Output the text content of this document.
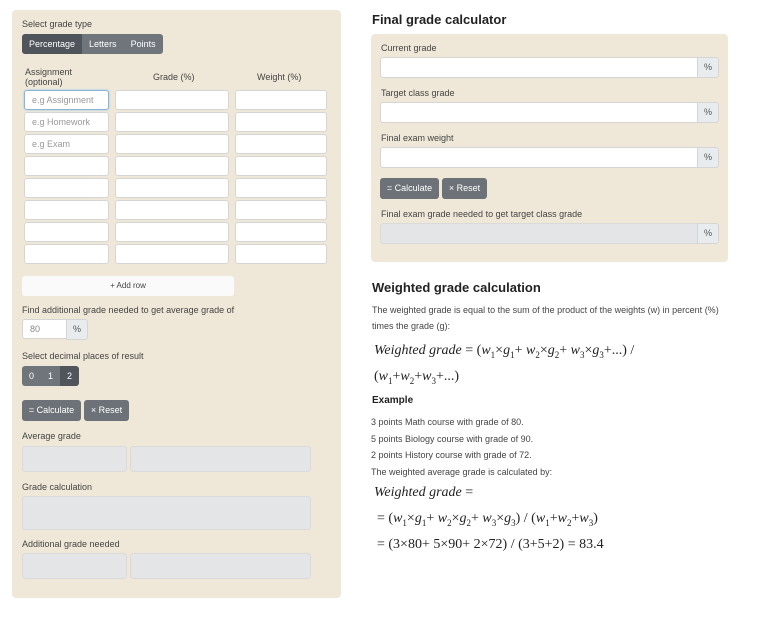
Select grade type
Percentage	Letters	Points
Assignment
(optional)	Grade (%)	Weight (%)
e.g Assignment
e.g Homework
e.g Exam
+ Add row
Find additional grade needed to get average grade of
80	%
Select decimal places of result
0	1	2
= Calculate	× Reset
Average grade
Grade calculation
Additional grade needed
Final grade calculator
Current grade
%
Target class grade
%
Final exam weight
%
= Calculate	× Reset
Final exam grade needed to get target class grade
%
Weighted grade calculation
The weighted grade is equal to the sum of the product of the weights (w) in percent (%)
times the grade (g):
Weighted grade = $(w_1\times g_1+ w_2\times g_2+ w_3\times g_3+...)$ /
$(w_1+w_2+w_3+...)$
Example
3 points Math course with grade of 80.
5 points Biology course with grade of 90.
2 points History course with grade of 72.
The weighted average grade is calculated by:
Weighted grade =
= $(w_1\times g_1+ w_2\times g_2+ w_3\times g_3) / (w_1+w_2+w_3)$
= (3×80+ 5×90+ 2×72) / (3+5+2) = 83.4
